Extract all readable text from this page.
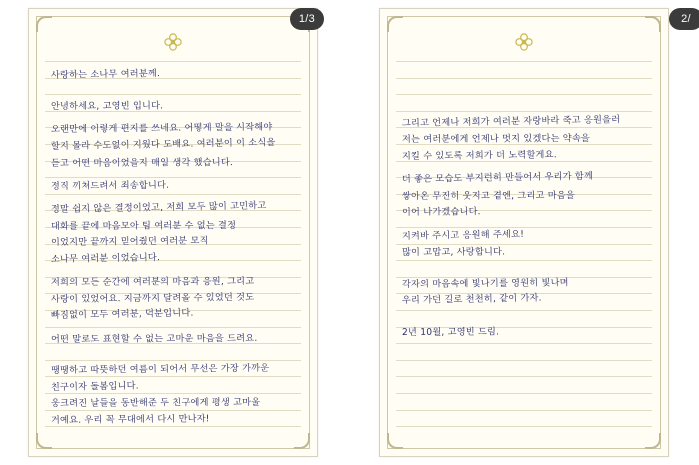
사랑하는 소나무 여러분께.
안녕하세요, 고영빈 입니다.
오랜만에 이렇게 편지를 쓰네요. 어떻게 말을 시작해야
할지 몰라 수도없이 지웠다 도배요. 여러분이 이 소식을
듣고 어떤 마음이었을지 매일 생각 했습니다.
정직 끼쳐드려서 죄송합니다.
정말 쉽지 않은 결정이었고, 저희 모두 많이 고민하고
대화를 끝에 마음모아 팀 여러분 수 없는 결정
이었지만 끝까지 믿어줬던 여러분 모직
소나무 여러분 이었습니다.
저희의 모든 순간에 여러분의 마음과 응원, 그리고
사랑이 있었어요. 지금까지 달려올 수 있었던 것도
빠짐없이 모두 여러분, 덕분입니다.
어떤 말로도 표현할 수 없는 고마운 마음을 드려요.
땡땡하고 따뜻하던 여름이 되어서 무선은 가장 가까운
친구이자 돌봄입니다.
웅크려진 날들을 동반해준 두 친구에게 평생 고마울
거예요. 우리 꼭 무대에서 다시 만나자!
1/3
그리고 언제나 저희가 여러분 자랑바라 죽고 응원을러
저는 여러분에게 언제나 멋지 있겠다는 약속을
지킬 수 있도록 저희가 더 노력할게요.
더 좋은 모습도 부지런히 만들어서 우리가 함께
쌓아온 무진히 웃지고 곁엔, 그리고 마음을
이어 나가겠습니다.
지켜바 주시고 응원해 주세요!
많이 고맙고, 사랑합니다.
각자의 마음속에 빛나기를 영원히 빛나며
우리 가던 길로 천천히, 같이 가자.
2년 10월, 고영빈 드림.
2/
